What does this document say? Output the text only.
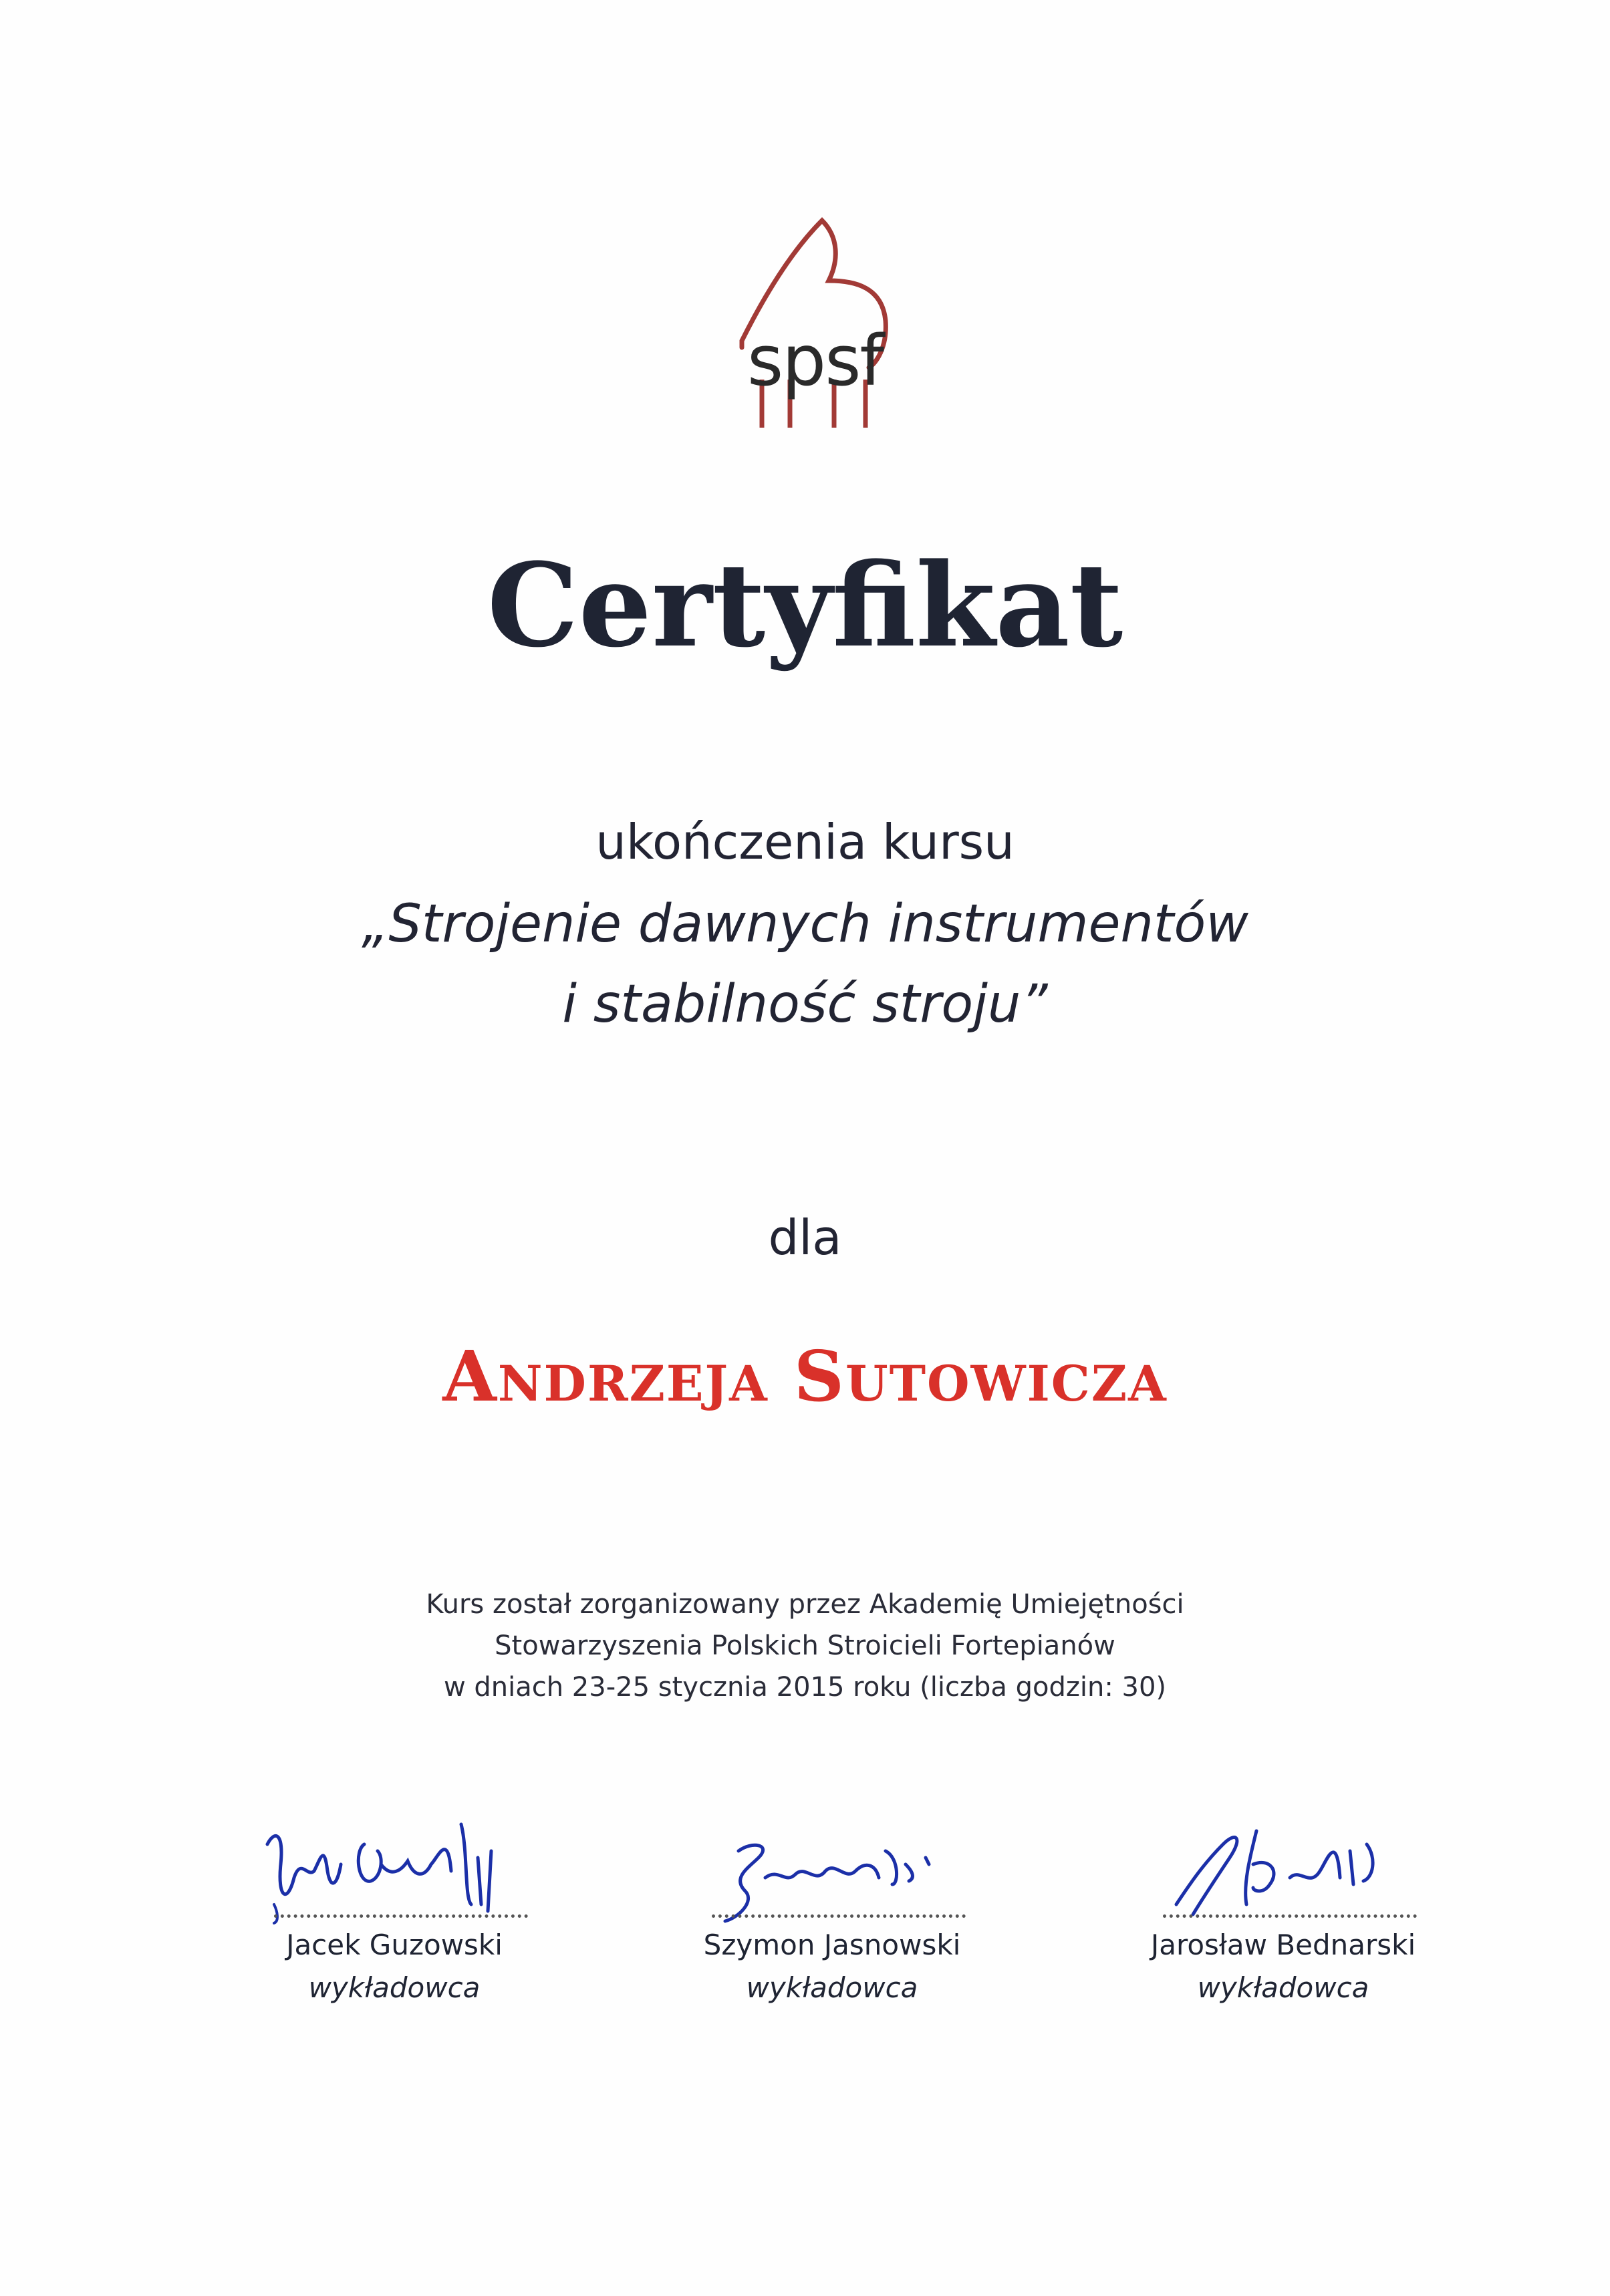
spsf
Certyfikat
ukończenia kursu
„Strojenie dawnych instrumentów
i stabilność stroju”
dla
Andrzeja Sutowicza
Kurs został zorganizowany przez Akademię Umiejętności
Stowarzyszenia Polskich Stroicieli Fortepianów
w dniach 23-25 stycznia 2015 roku (liczba godzin: 30)
Jacek Guzowski
wykładowca
Szymon Jasnowski
wykładowca
Jarosław Bednarski
wykładowca
